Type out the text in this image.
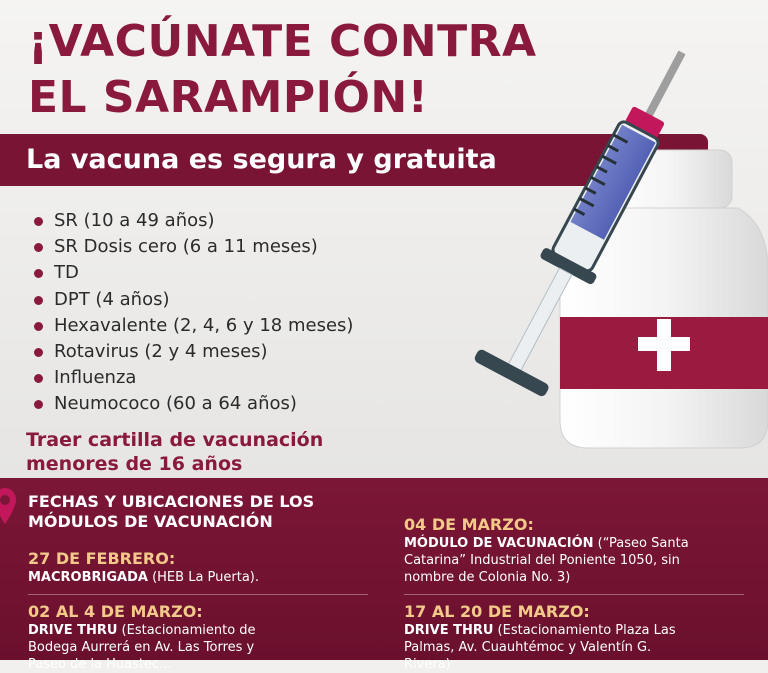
¡VACÚNATE CONTRA
EL SARAMPIÓN!
La vacuna es segura y gratuita
SR (10 a 49 años)
SR Dosis cero (6 a 11 meses)
TD
DPT (4 años)
Hexavalente (2, 4, 6 y 18 meses)
Rotavirus (2 y 4 meses)
Influenza
Neumococo (60 a 64 años)
Traer cartilla de vacunación
menores de 16 años
FECHAS Y UBICACIONES DE LOS
MÓDULOS DE VACUNACIÓN
27 DE FEBRERO:
MACROBRIGADA (HEB La Puerta).
02 AL 4 DE MARZO:
DRIVE THRU (Estacionamiento de
Bodega Aurrerá en Av. Las Torres y
Paseo de la Huastec...
04 DE MARZO:
MÓDULO DE VACUNACIÓN (“Paseo Santa
Catarina” Industrial del Poniente 1050, sin
nombre de Colonia No. 3)
17 AL 20 DE MARZO:
DRIVE THRU (Estacionamiento Plaza Las
Palmas, Av. Cuauhtémoc y Valentín G.
Rivera)
